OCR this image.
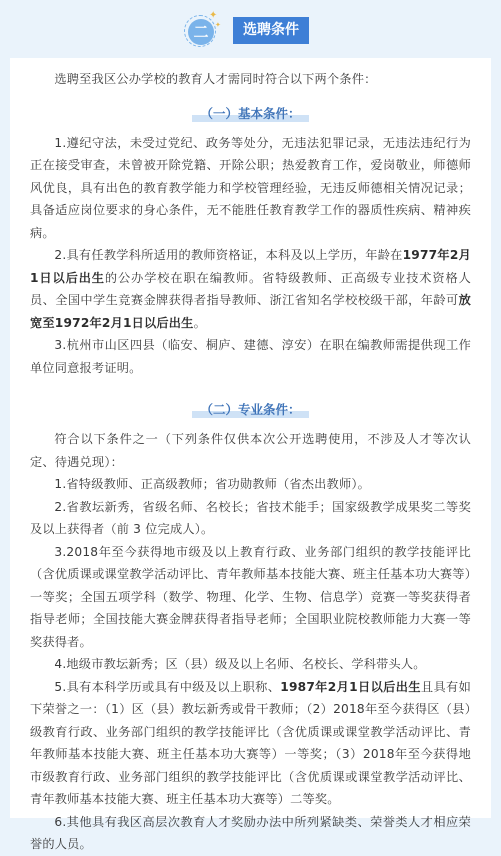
二
✦
✦	选聘条件

选聘至我区公办学校的教育人才需同时符合以下两个条件：

（一）基本条件：

1.遵纪守法，未受过党纪、政务等处分，无违法犯罪记录，无违法违纪行为正在接受审查，未曾被开除党籍、开除公职；热爱教育工作，爱岗敬业，师德师风优良，具有出色的教育教学能力和学校管理经验，无违反师德相关情况记录；具备适应岗位要求的身心条件，无不能胜任教育教学工作的器质性疾病、精神疾病。

2.具有任教学科所适用的教师资格证，本科及以上学历，年龄在1977年2月1日以后出生的公办学校在职在编教师。省特级教师、正高级专业技术资格人员、全国中学生竞赛金牌获得者指导教师、浙江省知名学校校级干部，年龄可放宽至1972年2月1日以后出生。

3.杭州市山区四县（临安、桐庐、建德、淳安）在职在编教师需提供现工作单位同意报考证明。

（二）专业条件：

符合以下条件之一（下列条件仅供本次公开选聘使用，不涉及人才等次认定、待遇兑现）：

1.省特级教师、正高级教师；省功勋教师（省杰出教师）。

2.省教坛新秀，省级名师、名校长；省技术能手；国家级教学成果奖二等奖及以上获得者（前 3 位完成人）。

3.2018年至今获得地市级及以上教育行政、业务部门组织的教学技能评比（含优质课或课堂教学活动评比、青年教师基本技能大赛、班主任基本功大赛等）一等奖；全国五项学科（数学、物理、化学、生物、信息学）竞赛一等奖获得者指导老师；全国技能大赛金牌获得者指导老师；全国职业院校教师能力大赛一等奖获得者。

4.地级市教坛新秀；区（县）级及以上名师、名校长、学科带头人。

5.具有本科学历或具有中级及以上职称、1987年2月1日以后出生且具有如下荣誉之一：（1）区（县）教坛新秀或骨干教师；（2）2018年至今获得区（县）级教育行政、业务部门组织的教学技能评比（含优质课或课堂教学活动评比、青年教师基本技能大赛、班主任基本功大赛等）一等奖；（3）2018年至今获得地市级教育行政、业务部门组织的教学技能评比（含优质课或课堂教学活动评比、青年教师基本技能大赛、班主任基本功大赛等）二等奖。

6.其他具有我区高层次教育人才奖励办法中所列紧缺类、荣誉类人才相应荣誉的人员。
